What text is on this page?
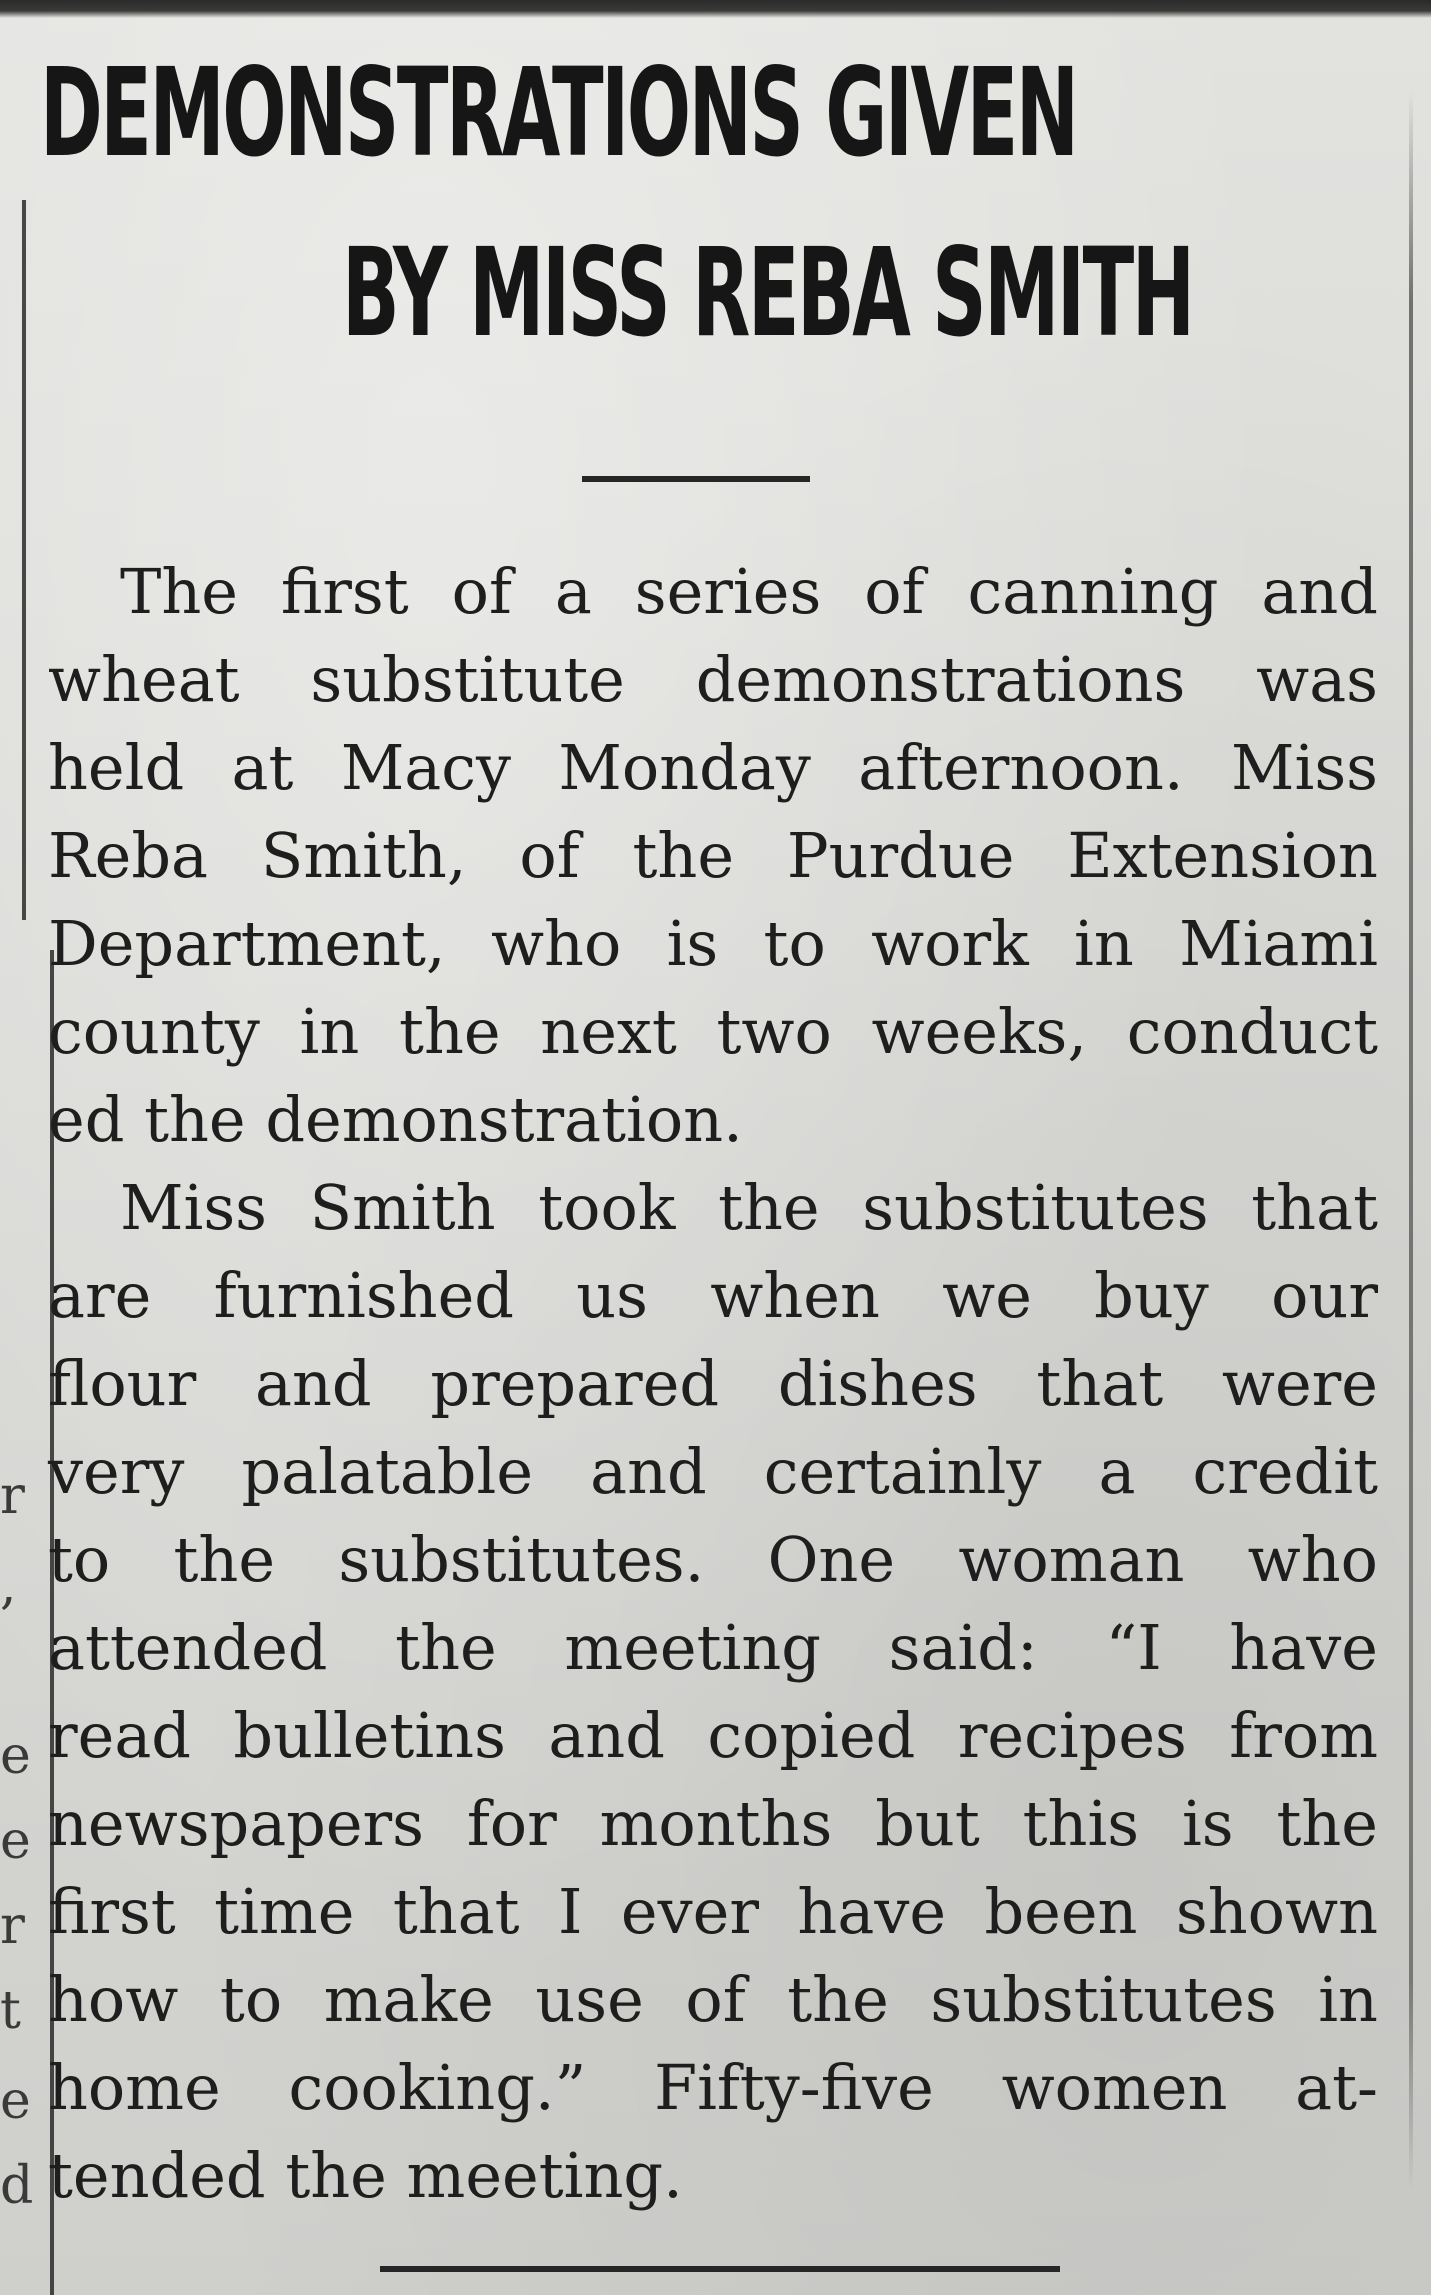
DEMONSTRATIONS GIVEN
BY MISS REBA SMITH
The first of a series of canning and
wheat substitute demonstrations was
held at Macy Monday afternoon. Miss
Reba Smith, of the Purdue Extension
Department, who is to work in Miami
county in the next two weeks, conduct
ed the demonstration.
Miss Smith took the substitutes that
are furnished us when we buy our
flour and prepared dishes that were
very palatable and certainly a credit
to the substitutes. One woman who
attended the meeting said: “I have
read bulletins and copied recipes from
newspapers for months but this is the
first time that I ever have been shown
how to make use of the substitutes in
home cooking.” Fifty-five women at-
tended the meeting.
r
,
e
e
r
t
e
d
